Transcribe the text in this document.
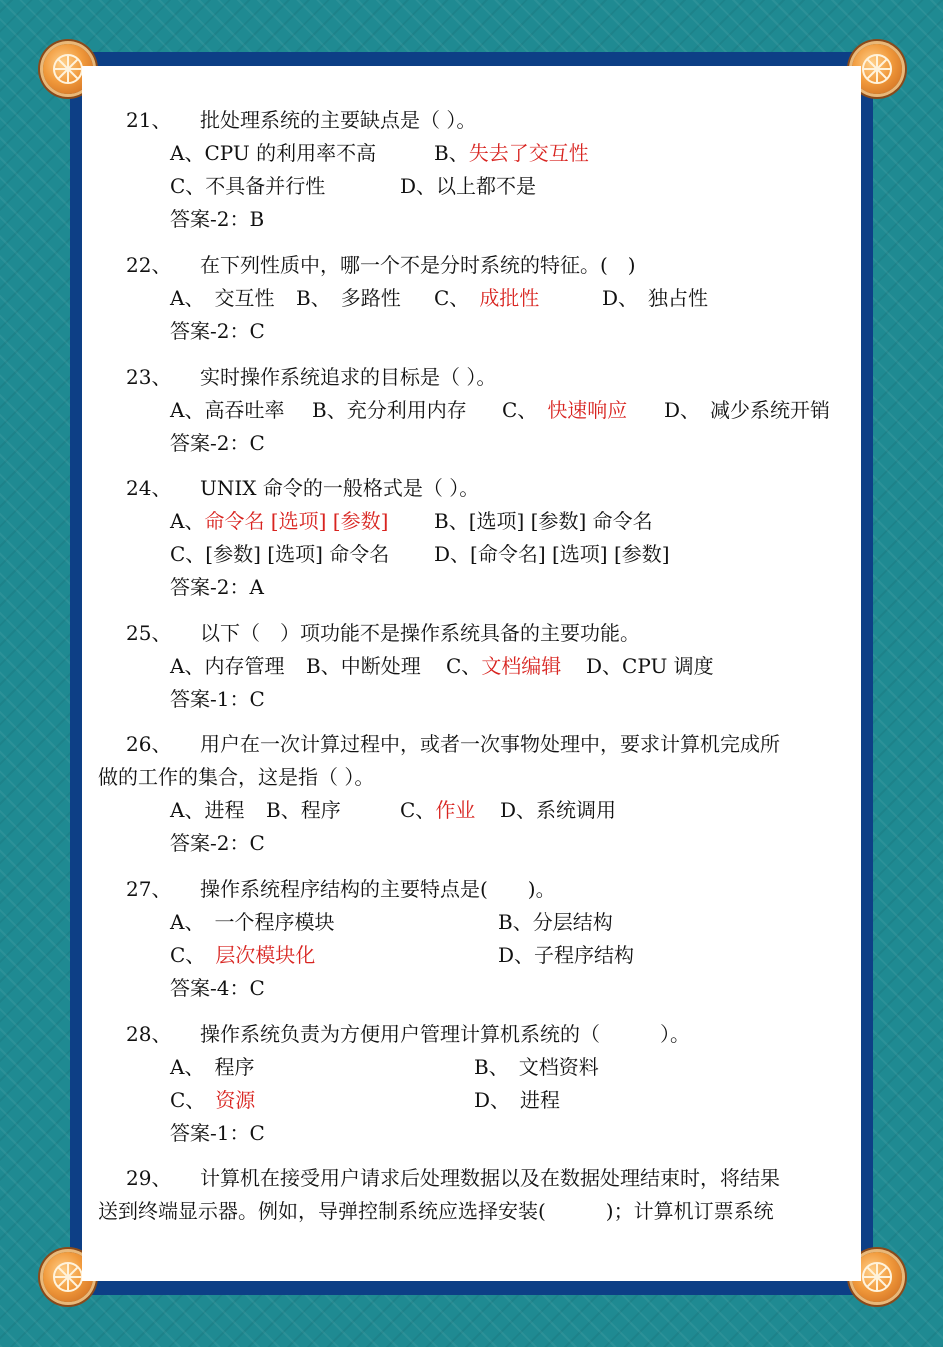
21、 批处理系统的主要缺点是（ ）。
A、CPU 的利用率不高	B、失去了交互性
C、不具备并行性	D、以上都不是
答案-2：B
22、 在下列性质中，哪一个不是分时系统的特征。(　)
A、　交互性 B、　多路性 C、　 成批性	D、　独占性
答案-2：C
23、 实时操作系统追求的目标是（ ）。
A、高吞吐率 B、充分利用内存 C、　 快速响应 D、　减少系统开销
答案-2：C
24、 UNIX 命令的一般格式是（ ）。
A、命令名 [选项] [参数] B、[选项] [参数] 命令名
C、[参数] [选项] 命令名 D、[命令名] [选项] [参数]
答案-2：A
25、 以下（　）项功能不是操作系统具备的主要功能。
A、内存管理 B、中断处理 C、文档编辑 D、CPU 调度
答案-1：C
26、 用户在一次计算过程中，或者一次事物处理中，要求计算机完成所
做的工作的集合，这是指（ ）。
A、进程 B、程序	C、作业 D、系统调用
答案-2：C
27、 操作系统程序结构的主要特点是(　　)。
A、　一个程序模块	B、分层结构
C、　 层次模块化	D、子程序结构
答案-4：C
28、 操作系统负责为方便用户管理计算机系统的（　　　）。
A、　程序	B、　文档资料
C、　 资源	D、　进程
答案-1：C
29、 计算机在接受用户请求后处理数据以及在数据处理结束时，将结果
送到终端显示器。例如，导弹控制系统应选择安装(　　　)；计算机订票系统
